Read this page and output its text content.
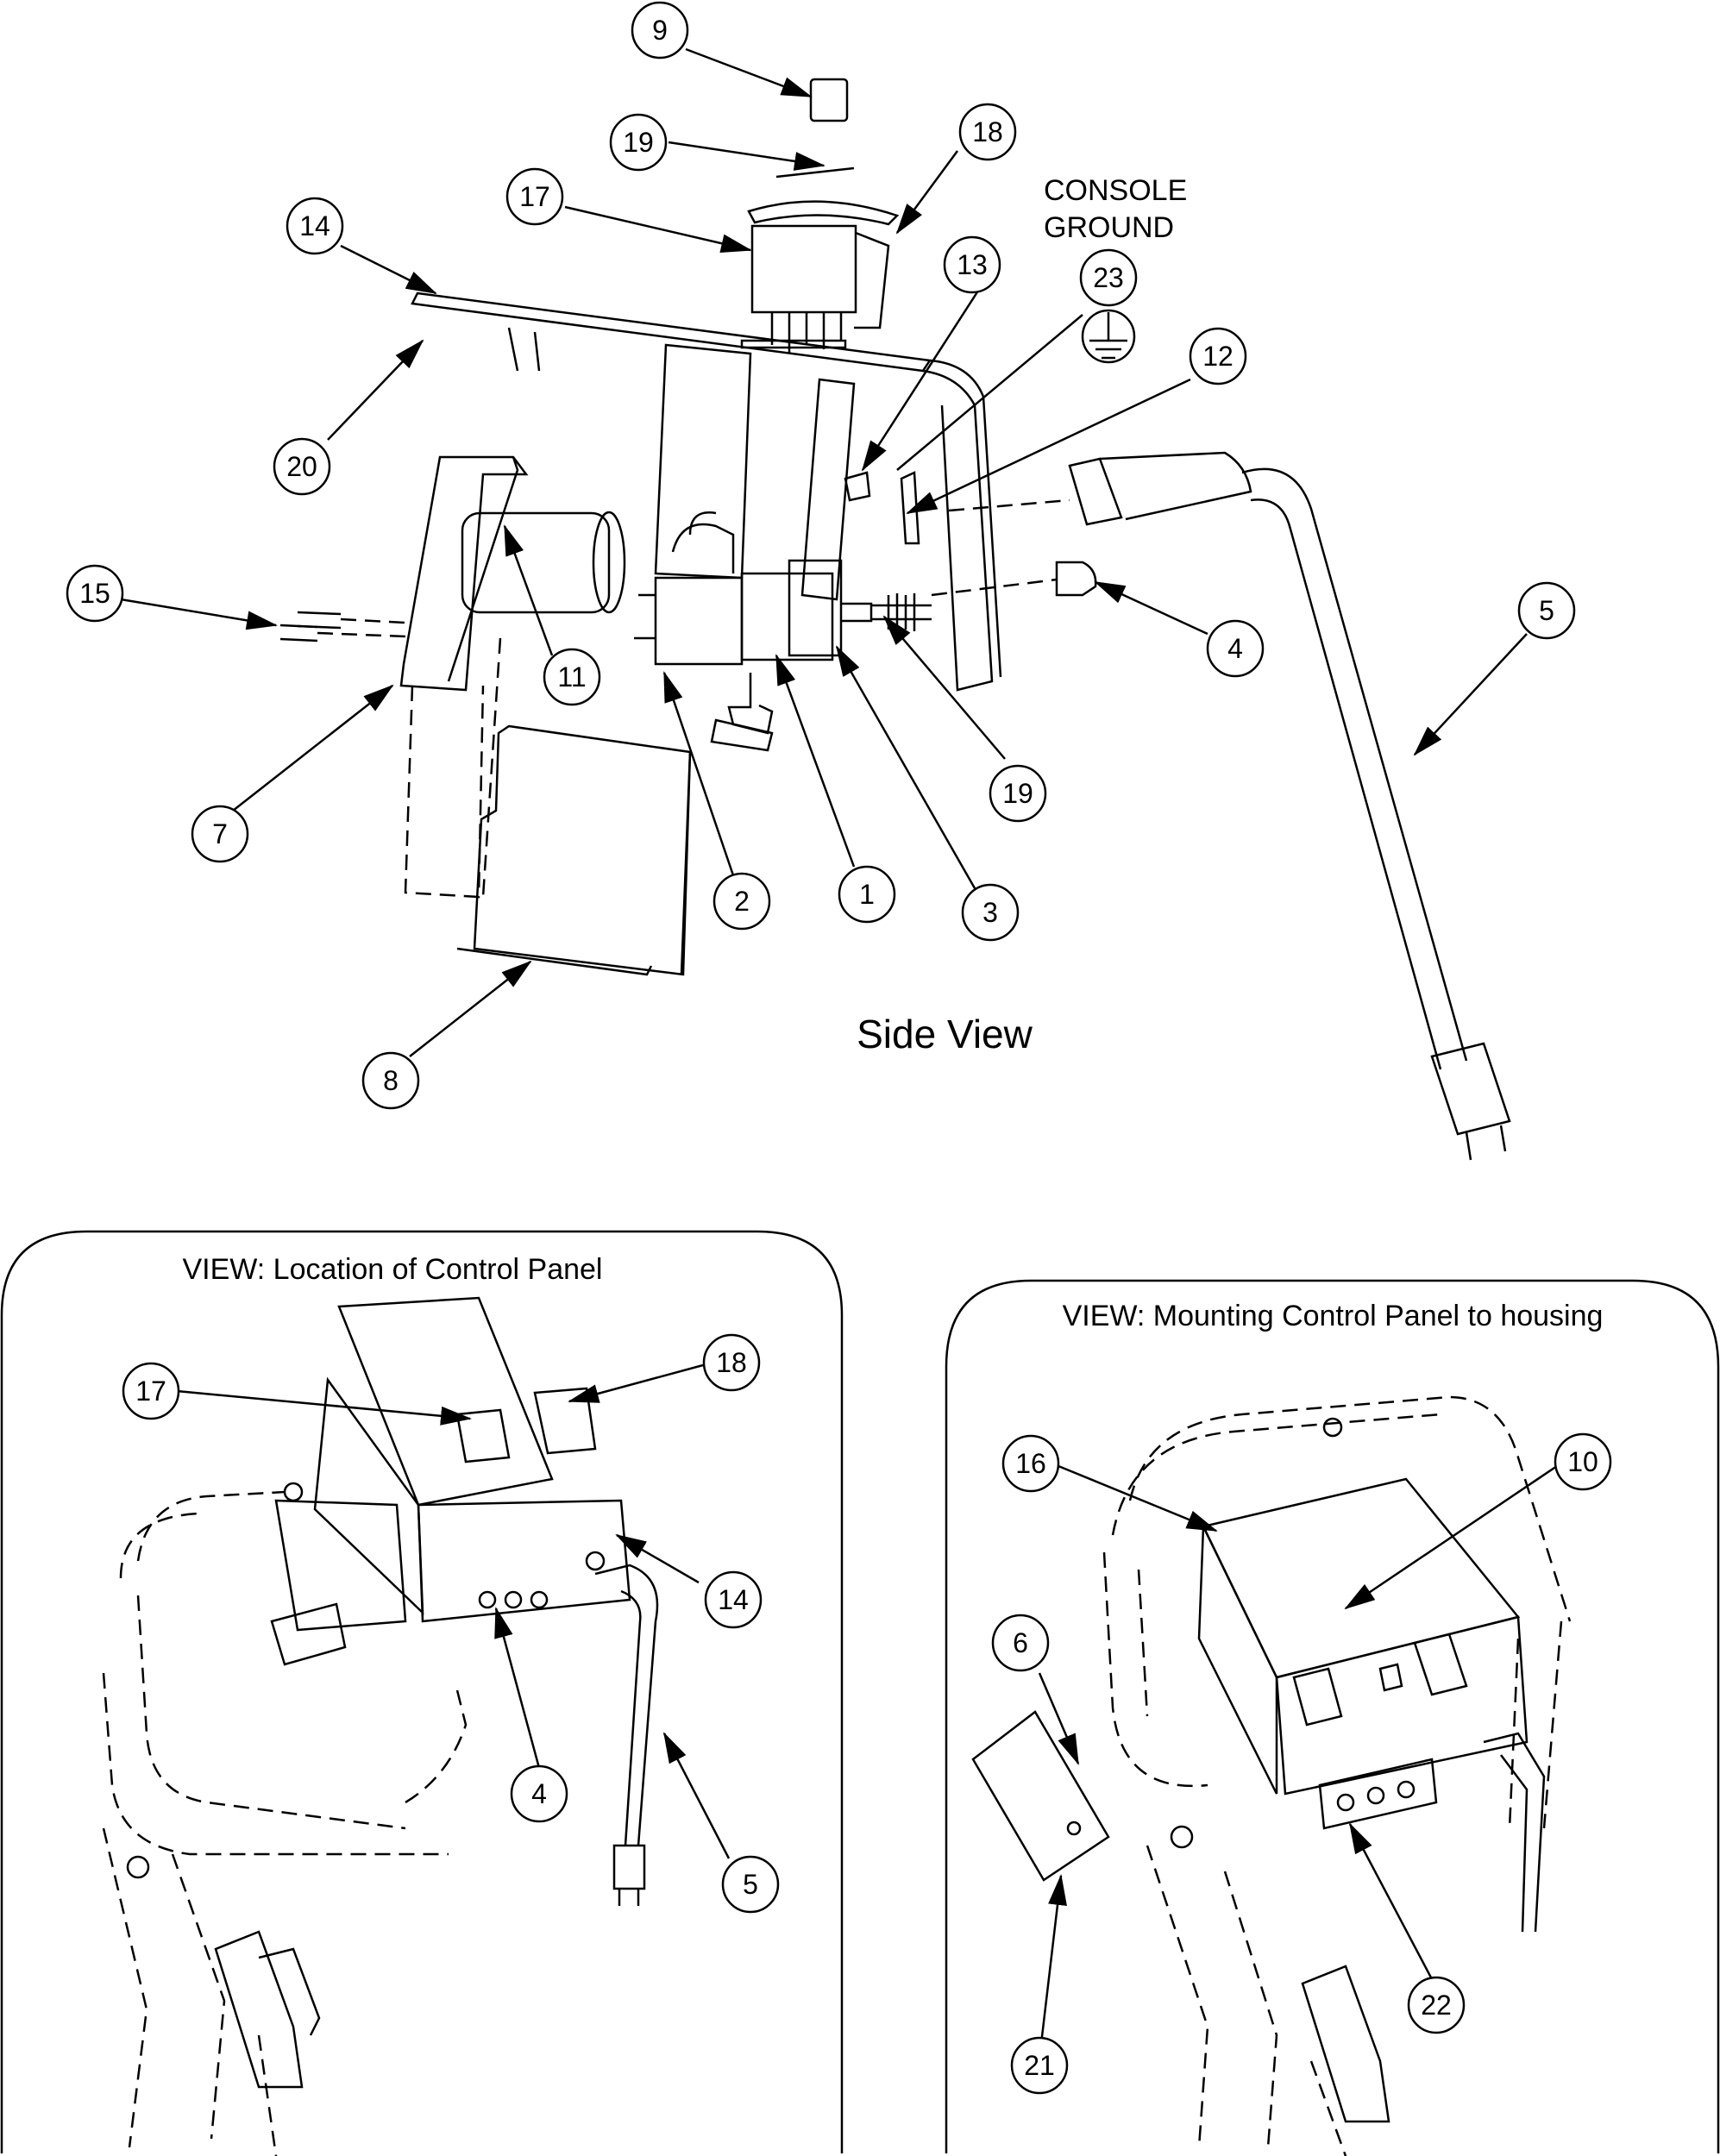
CONSOLE
GROUND
Side View
9
19	18
17
14
23
13
12
20
11
15
4
5
7
19
2	1
3
8
VIEW: Location of Control Panel
17
18
14
4
5
VIEW: Mounting Control Panel to housing
16	10
6
21
22
